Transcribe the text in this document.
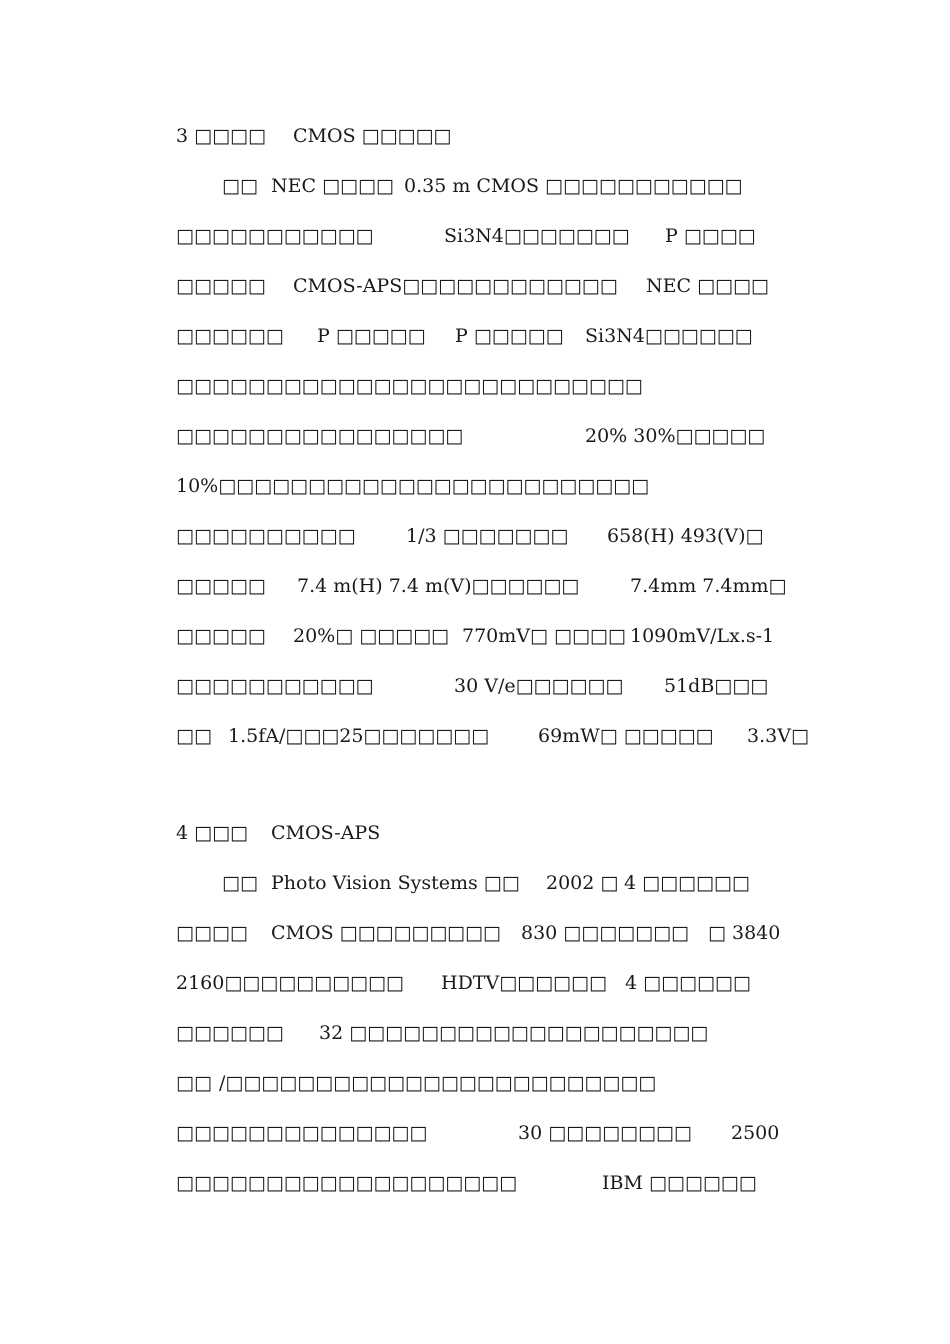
3 □□□□ CMOS □□□□□
□□ NEC □□□□ 0.35 m CMOS □□□□□□□□□□□
□□□□□□□□□□□	Si3N4□□□□□□□ P □□□□
□□□□□ CMOS-APS□□□□□□□□□□□□ NEC □□□□
□□□□□□ P □□□□□ P □□□□□ Si3N4□□□□□□
□□□□□□□□□□□□□□□□□□□□□□□□□□
□□□□□□□□□□□□□□□□	20% 30%□□□□□
10%□□□□□□□□□□□□□□□□□□□□□□□□
□□□□□□□□□□	1/3 □□□□□□□ 658(H) 493(V)□
□□□□□ 7.4 m(H) 7.4 m(V)□□□□□□	7.4mm 7.4mm□
□□□□□ 20%□ □□□□□ 770mV□ □□□□ 1090mV/Lx.s-1
□□□□□□□□□□□	30 V/e□□□□□□ 51dB□□□
□□ 1.5fA/□□□25□□□□□□□	69mW□ □□□□□ 3.3V□
4 □□□ CMOS-APS
□□ Photo Vision Systems □□ 2002 □ 4 □□□□□□
□□□□ CMOS □□□□□□ □□□ 830 □□□□□□□ □ 3840
2160□□□□□□□□□□ HDTV□□□□□□ 4 □□□□□□
□□□□□□ 32 □□□□□□□□□□□□□□□□□□□□
□□ /□□□□□□□□□□□□□□□□□□□□□□□□
□□□□□□□□□□□□□□	30 □□□□□□□□ 2500
□□□□□□□□□□□□□□□□□□□	IBM □□□□□□
